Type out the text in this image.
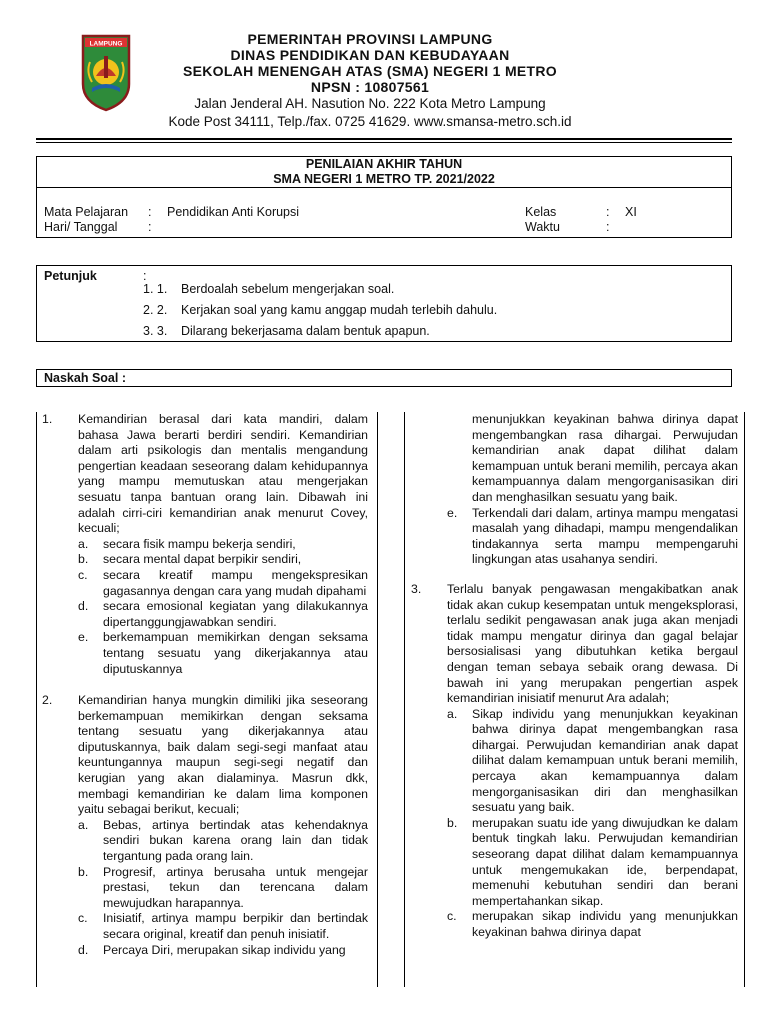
LAMPUNG	PEMERINTAH PROVINSI LAMPUNG
DINAS PENDIDIKAN DAN KEBUDAYAAN
SEKOLAH MENENGAH ATAS (SMA) NEGERI 1 METRO
NPSN : 10807561
Jalan Jenderal AH. Nasution No. 222 Kota Metro Lampung
Kode Post 34111, Telp./fax. 0725 41629. www.smansa-metro.sch.id
PENILAIAN AKHIR TAHUN
SMA NEGERI 1 METRO TP. 2021/2022
Mata Pelajaran : Pendidikan Anti Korupsi
Hari/ Tanggal :
Kelas	: XI
Waktu	:
Petunjuk	:
1. 1. Berdoalah sebelum mengerjakan soal.
2. 2. Kerjakan soal yang kamu anggap mudah terlebih dahulu.
3. 3. Dilarang bekerjasama dalam bentuk apapun.
Naskah Soal :
1. Kemandirian berasal dari kata mandiri, dalam bahasa Jawa berarti berdiri sendiri. Kemandirian dalam arti psikologis dan mentalis mengandung pengertian keadaan seseorang dalam kehidupannya yang mampu memutuskan atau mengerjakan sesuatu tanpa bantuan orang lain. Dibawah ini adalah cirri-ciri kemandirian anak menurut Covey, kecuali;
a. secara fisik mampu bekerja sendiri,
b. secara mental dapat berpikir sendiri,
c. secara kreatif mampu mengekspresikan gagasannya dengan cara yang mudah dipahami
d. secara emosional kegiatan yang dilakukannya dipertanggungjawabkan sendiri.
e. berkemampuan memikirkan dengan seksama tentang sesuatu yang dikerjakannya atau diputuskannya
2. Kemandirian hanya mungkin dimiliki jika seseorang berkemampuan memikirkan dengan seksama tentang sesuatu yang dikerjakannya atau diputuskannya, baik dalam segi-segi manfaat atau keuntungannya maupun segi-segi negatif dan kerugian yang akan dialaminya. Masrun dkk, membagi kemandirian ke dalam lima komponen yaitu sebagai berikut, kecuali;
a. Bebas, artinya bertindak atas kehendaknya sendiri bukan karena orang lain dan tidak tergantung pada orang lain.
b. Progresif, artinya berusaha untuk mengejar prestasi, tekun dan terencana dalam mewujudkan harapannya.
c. Inisiatif, artinya mampu berpikir dan bertindak secara original, kreatif dan penuh inisiatif.
d. Percaya Diri, merupakan sikap individu yang
menunjukkan keyakinan bahwa dirinya dapat mengembangkan rasa dihargai. Perwujudan kemandirian anak dapat dilihat dalam kemampuan untuk berani memilih, percaya akan kemampuannya dalam mengorganisasikan diri dan menghasilkan sesuatu yang baik.
e. Terkendali dari dalam, artinya mampu mengatasi masalah yang dihadapi, mampu mengendalikan tindakannya serta mampu mempengaruhi lingkungan atas usahanya sendiri.
3. Terlalu banyak pengawasan mengakibatkan anak tidak akan cukup kesempatan untuk mengeksplorasi, terlalu sedikit pengawasan anak juga akan menjadi tidak mampu mengatur dirinya dan gagal belajar bersosialisasi yang dibutuhkan ketika bergaul dengan teman sebaya sebaik orang dewasa. Di bawah ini yang merupakan pengertian aspek kemandirian inisiatif menurut Ara adalah;
a. Sikap individu yang menunjukkan keyakinan bahwa dirinya dapat mengembangkan rasa dihargai. Perwujudan kemandirian anak dapat dilihat dalam kemampuan untuk berani memilih, percaya akan kemampuannya dalam mengorganisasikan diri dan menghasilkan sesuatu yang baik.
b. merupakan suatu ide yang diwujudkan ke dalam bentuk tingkah laku. Perwujudan kemandirian seseorang dapat dilihat dalam kemampuannya untuk mengemukakan ide, berpendapat, memenuhi kebutuhan sendiri dan berani mempertahankan sikap.
c. merupakan sikap individu yang menunjukkan keyakinan bahwa dirinya dapat
